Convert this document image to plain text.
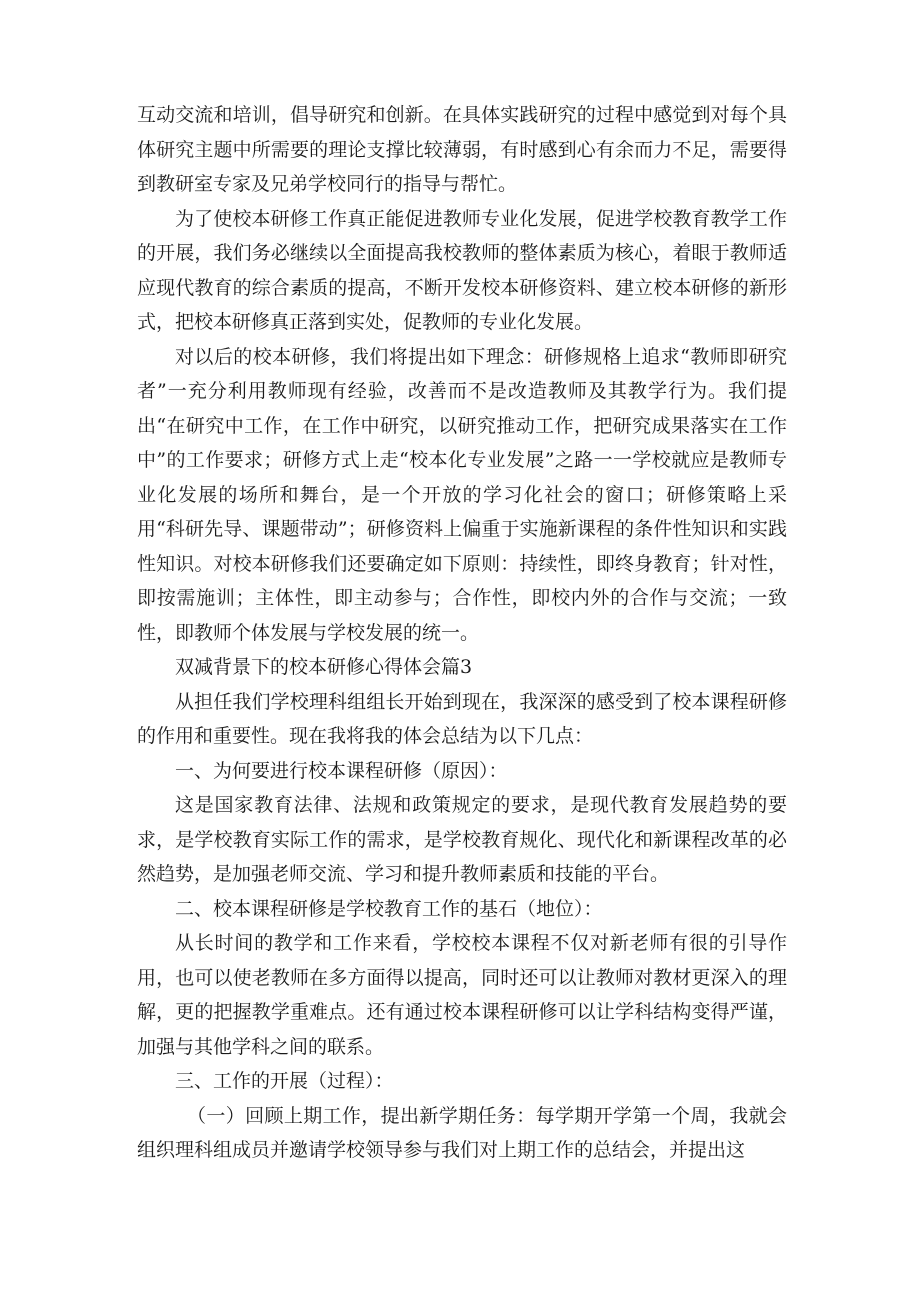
互动交流和培训，倡导研究和创新。在具体实践研究的过程中感觉到对每个具体研究主题中所需要的理论支撑比较薄弱，有时感到心有余而力不足，需要得到教研室专家及兄弟学校同行的指导与帮忙。

为了使校本研修工作真正能促进教师专业化发展，促进学校教育教学工作的开展，我们务必继续以全面提高我校教师的整体素质为核心，着眼于教师适应现代教育的综合素质的提高，不断开发校本研修资料、建立校本研修的新形式，把校本研修真正落到实处，促教师的专业化发展。

对以后的校本研修，我们将提出如下理念：研修规格上追求“教师即研究者”一充分利用教师现有经验，改善而不是改造教师及其教学行为。我们提出“在研究中工作，在工作中研究，以研究推动工作，把研究成果落实在工作中”的工作要求；研修方式上走“校本化专业发展”之路一一学校就应是教师专业化发展的场所和舞台，是一个开放的学习化社会的窗口；研修策略上采用“科研先导、课题带动”；研修资料上偏重于实施新课程的条件性知识和实践性知识。对校本研修我们还要确定如下原则：持续性，即终身教育；针对性，即按需施训；主体性，即主动参与；合作性，即校内外的合作与交流；一致性，即教师个体发展与学校发展的统一。

双减背景下的校本研修心得体会篇3

从担任我们学校理科组组长开始到现在，我深深的感受到了校本课程研修的作用和重要性。现在我将我的体会总结为以下几点：

一、为何要进行校本课程研修（原因）：

这是国家教育法律、法规和政策规定的要求，是现代教育发展趋势的要求，是学校教育实际工作的需求，是学校教育规化、现代化和新课程改革的必然趋势，是加强老师交流、学习和提升教师素质和技能的平台。

二、校本课程研修是学校教育工作的基石（地位）：

从长时间的教学和工作来看，学校校本课程不仅对新老师有很的引导作用，也可以使老教师在多方面得以提高，同时还可以让教师对教材更深入的理解，更的把握教学重难点。还有通过校本课程研修可以让学科结构变得严谨，加强与其他学科之间的联系。

三、工作的开展（过程）：

（一）回顾上期工作，提出新学期任务：每学期开学第一个周，我就会组织理科组成员并邀请学校领导参与我们对上期工作的总结会，并提出这
